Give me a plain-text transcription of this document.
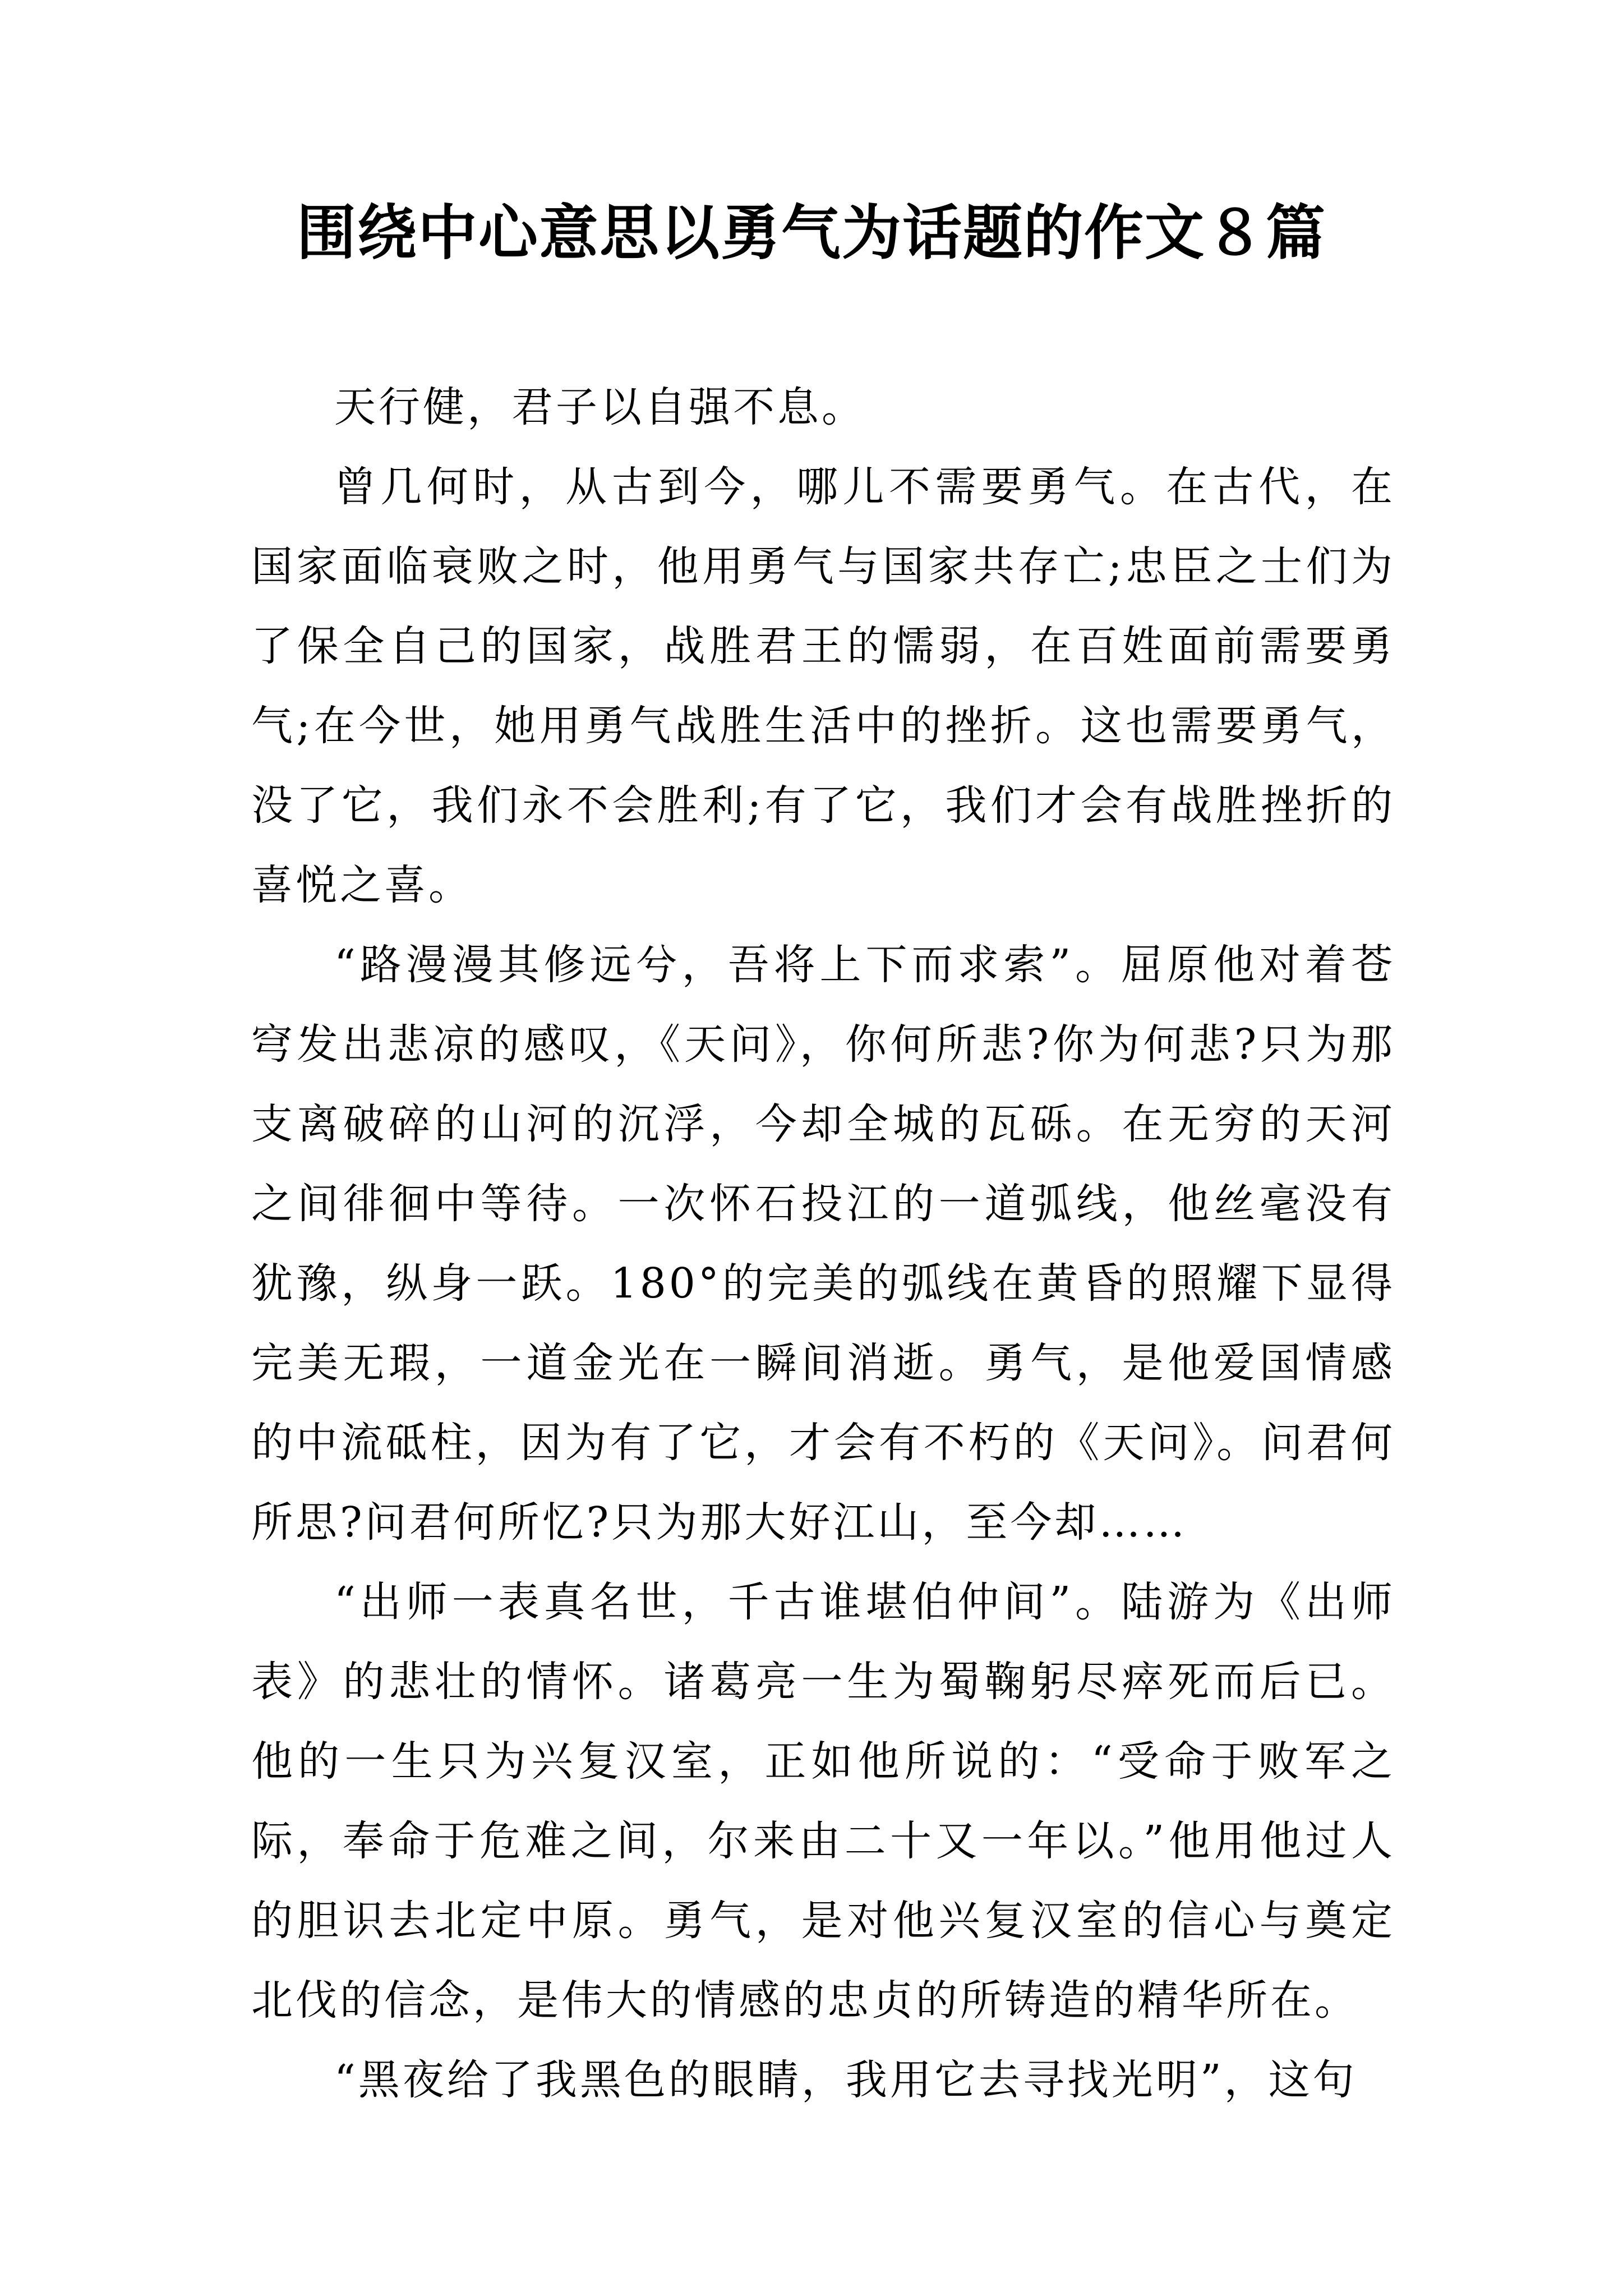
围绕中心意思以勇气为话题的作文８篇

天行健，君子以自强不息。

曾几何时，从古到今，哪儿不需要勇气。在古代，在国家面临衰败之时，他用勇气与国家共存亡;忠臣之士们为了保全自己的国家，战胜君王的懦弱，在百姓面前需要勇气;在今世，她用勇气战胜生活中的挫折。这也需要勇气，没了它，我们永不会胜利;有了它，我们才会有战胜挫折的喜悦之喜。

“路漫漫其修远兮，吾将上下而求索”。屈原他对着苍穹发出悲凉的感叹，《天问》，你何所悲?你为何悲?只为那支离破碎的山河的沉浮，今却全城的瓦砾。在无穷的天河之间徘徊中等待。一次怀石投江的一道弧线，他丝毫没有犹豫，纵身一跃。180°的完美的弧线在黄昏的照耀下显得完美无瑕，一道金光在一瞬间消逝。勇气，是他爱国情感的中流砥柱，因为有了它，才会有不朽的《天问》。问君何所思?问君何所忆?只为那大好江山，至今却……

“出师一表真名世，千古谁堪伯仲间”。陆游为《出师表》的悲壮的情怀。诸葛亮一生为蜀鞠躬尽瘁死而后已。他的一生只为兴复汉室，正如他所说的：“受命于败军之际，奉命于危难之间，尔来由二十又一年以。”他用他过人的胆识去北定中原。勇气，是对他兴复汉室的信心与奠定北伐的信念，是伟大的情感的忠贞的所铸造的精华所在。

“黑夜给了我黑色的眼睛，我用它去寻找光明”，这句
